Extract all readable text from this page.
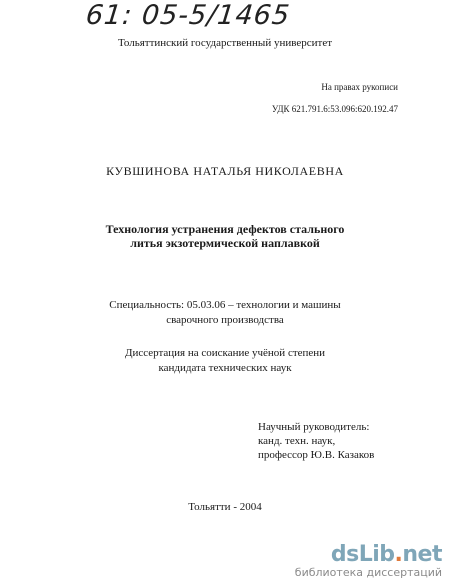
61: 05-5/1465
Тольяттинский государственный университет
На правах рукописи
УДК 621.791.6:53.096:620.192.47
КУВШИНОВА НАТАЛЬЯ НИКОЛАЕВНА
Технология устранения дефектов стального
литья экзотермической наплавкой
Специальность: 05.03.06 – технологии и машины
сварочного производства
Диссертация на соискание учёной степени
кандидата технических наук
Научный руководитель:
канд. техн. наук,
профессор Ю.В. Казаков
Тольятти - 2004
dsLib.net
библиотека диссертаций
